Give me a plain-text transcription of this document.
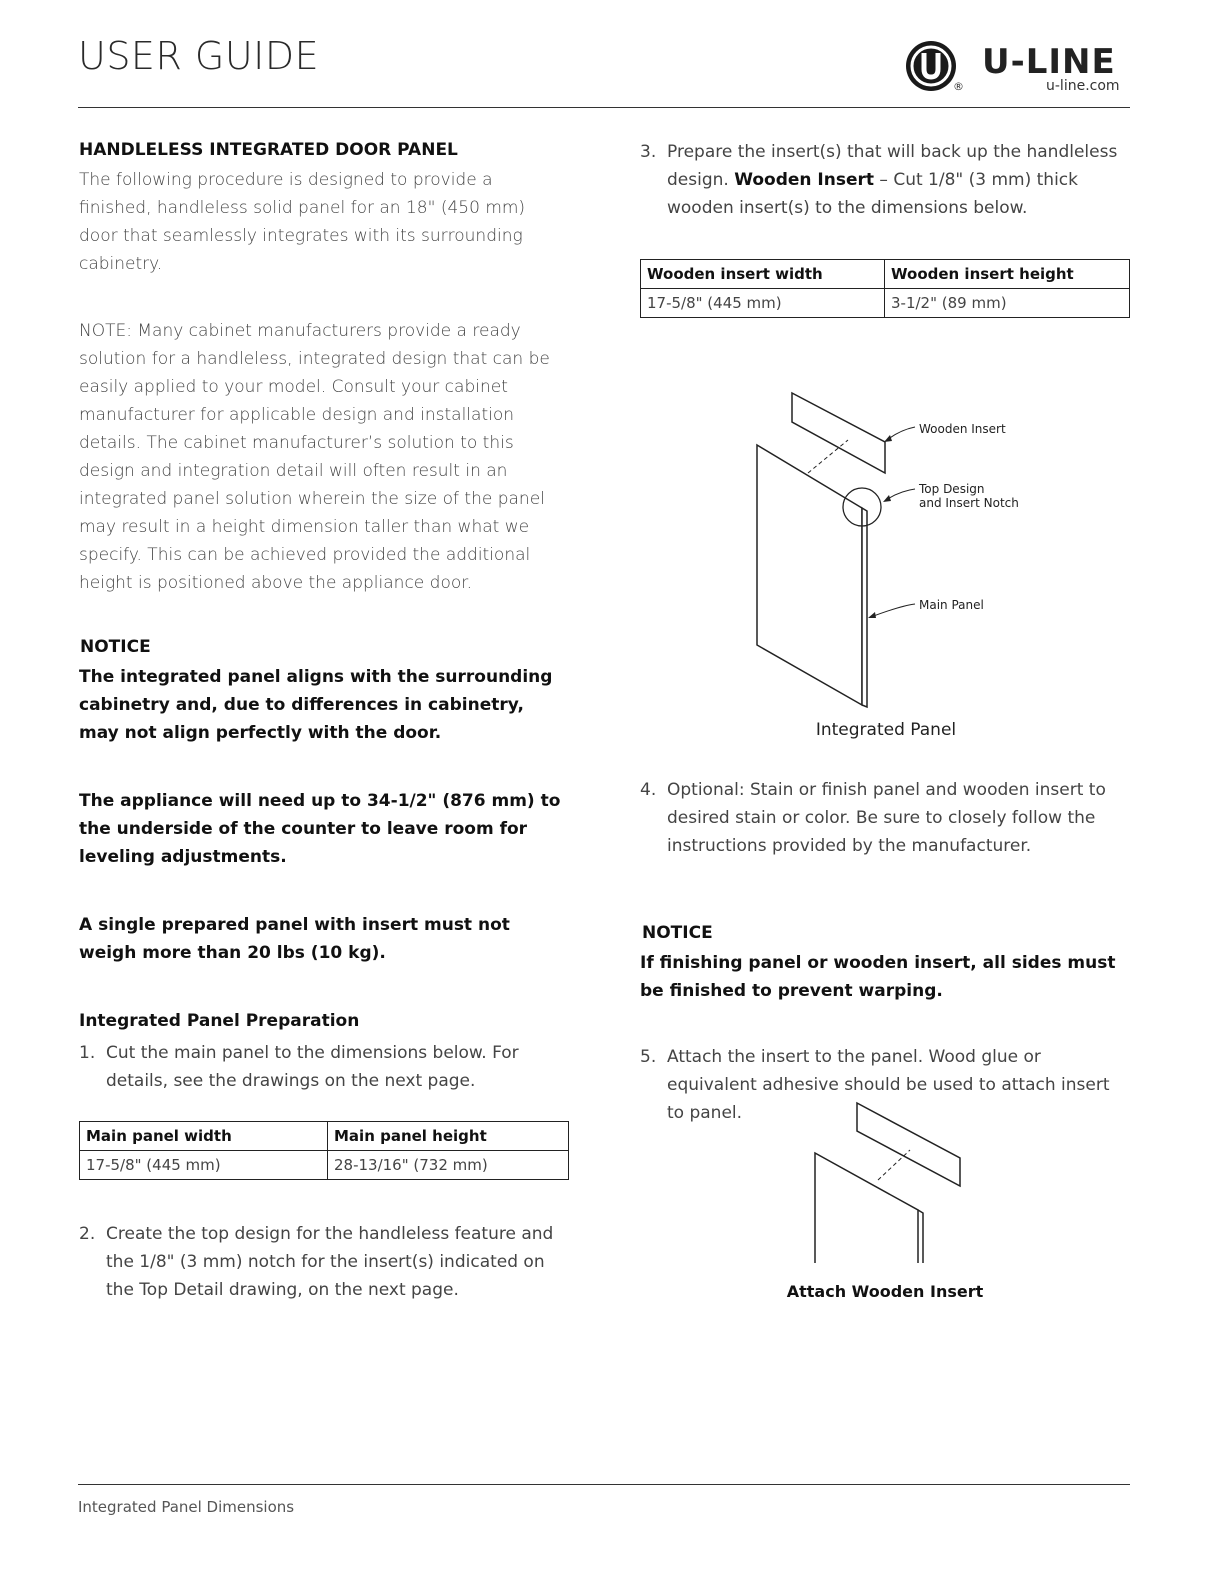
USER GUIDE
®
U-LINE
u-line.com
HANDLELESS INTEGRATED DOOR PANEL

The following procedure is designed to provide a finished, handleless solid panel for an 18" (450 mm) door that seamlessly integrates with its surrounding cabinetry.

NOTE: Many cabinet manufacturers provide a ready solution for a handleless, integrated design that can be easily applied to your model. Consult your cabinet manufacturer for applicable design and installation details. The cabinet manufacturer’s solution to this design and integration detail will often result in an integrated panel solution wherein the size of the panel may result in a height dimension taller than what we specify. This can be achieved provided the additional height is positioned above the appliance door.

NOTICE

The integrated panel aligns with the surrounding cabinetry and, due to differences in cabinetry, may not align perfectly with the door.

The appliance will need up to 34-1/2" (876 mm) to the underside of the counter to leave room for leveling adjustments.

A single prepared panel with insert must not weigh more than 20 lbs (10 kg).

Integrated Panel Preparation
1. Cut the main panel to the dimensions below. For details, see the drawings on the next page.

Main panel width	Main panel height
17-5/8" (445 mm)	28-13/16" (732 mm)
2. Create the top design for the handleless feature and the 1/8" (3 mm) notch for the insert(s) indicated on the Top Detail drawing, on the next page.

3. Prepare the insert(s) that will back up the handleless design. Wooden Insert – Cut 1/8" (3 mm) thick wooden insert(s) to the dimensions below.

Wooden insert width	Wooden insert height
17-5/8" (445 mm)	3-1/2" (89 mm)
Wooden Insert
Top Design
and Insert Notch
Main Panel
Integrated Panel
4. Optional: Stain or finish panel and wooden insert to desired stain or color. Be sure to closely follow the instructions provided by the manufacturer.

NOTICE

If finishing panel or wooden insert, all sides must be finished to prevent warping.

5. Attach the insert to the panel. Wood glue or equivalent adhesive should be used to attach insert to panel.

Attach Wooden Insert
Integrated Panel Dimensions
